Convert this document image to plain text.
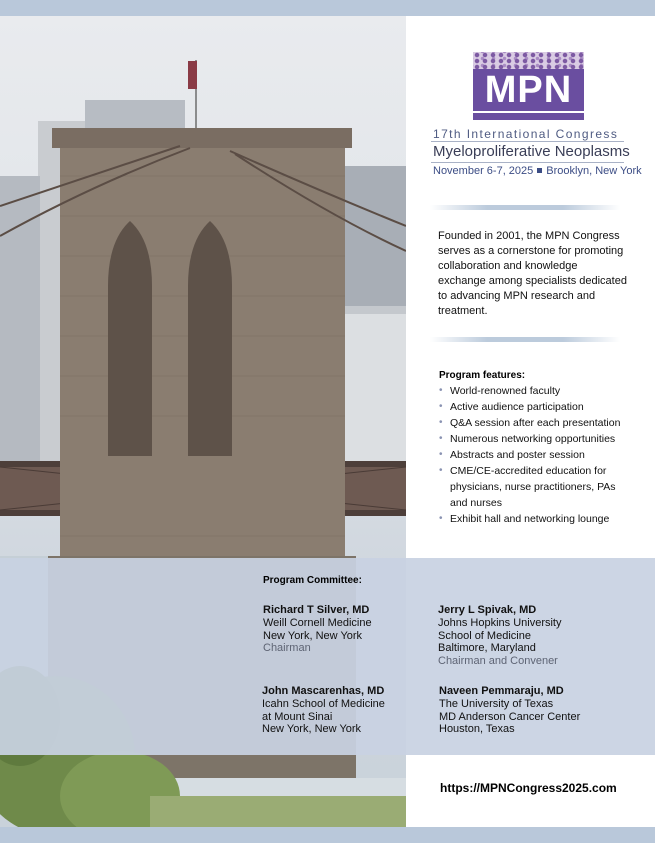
MPN
17th International Congress
Myeloproliferative Neoplasms
November 6-7, 2025 Brooklyn, New York
Founded in 2001, the MPN Congress serves as a cornerstone for promoting collaboration and knowledge exchange among specialists dedicated to advancing MPN research and treatment.
Program features:
• World-renowned faculty
• Active audience participation
• Q&A session after each presentation
• Numerous networking opportunities
• Abstracts and poster session
• CME/CE-accredited education for
physicians, nurse practitioners, PAs
and nurses
• Exhibit hall and networking lounge
Program Committee:
Richard T Silver, MD
Weill Cornell Medicine
New York, New York
Chairman
Jerry L Spivak, MD
Johns Hopkins University
School of Medicine
Baltimore, Maryland
Chairman and Convener
John Mascarenhas, MD
Icahn School of Medicine
at Mount Sinai
New York, New York
Naveen Pemmaraju, MD
The University of Texas
MD Anderson Cancer Center
Houston, Texas
https://MPNCongress2025.com
